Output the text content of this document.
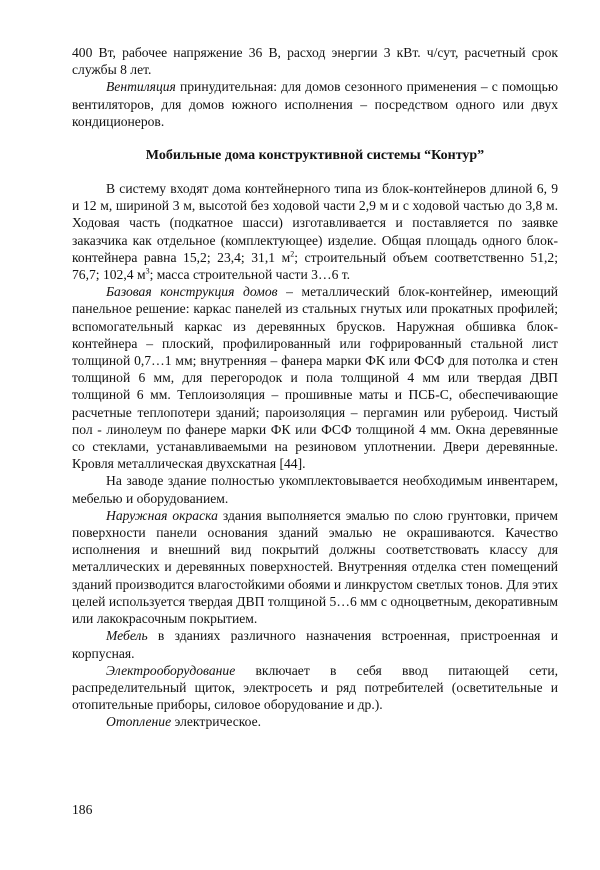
400 Вт, рабочее напряжение 36 В, расход энергии 3 кВт. ч/сут, расчетный срок службы 8 лет.

Вентиляция принудительная: для домов сезонного применения – с помощью вентиляторов, для домов южного исполнения – посредством одного или двух кондиционеров.

Мобильные дома конструктивной системы “Контур”

В систему входят дома контейнерного типа из блок-контейнеров длиной 6, 9 и 12 м, шириной 3 м, высотой без ходовой части 2,9 м и с ходовой частью до 3,8 м. Ходовая часть (подкатное шасси) изготавливается и поставляется по заявке заказчика как отдельное (комплектующее) изделие. Общая площадь одного блок-контейнера равна 15,2; 23,4; 31,1 $м^2$; строительный объем соответственно 51,2; 76,7; 102,4 $м^3$; масса строительной части 3…6 т.

Базовая конструкция домов – металлический блок-контейнер, имеющий панельное решение: каркас панелей из стальных гнутых или прокатных профилей; вспомогательный каркас из деревянных брусков. Наружная обшивка блок-контейнера – плоский, профилированный или гофрированный стальной лист толщиной 0,7…1 мм; внутренняя – фанера марки ФК или ФСФ для потолка и стен толщиной 6 мм, для перегородок и пола толщиной 4 мм или твердая ДВП толщиной 6 мм. Теплоизоляция – прошивные маты и ПСБ-С, обеспечивающие расчетные теплопотери зданий; пароизоляция – пергамин или рубероид. Чистый пол - линолеум по фанере марки ФК или ФСФ толщиной 4 мм. Окна деревянные со стеклами, устанавливаемыми на резиновом уплотнении. Двери деревянные. Кровля металлическая двухскатная [44].

На заводе здание полностью укомплектовывается необходимым инвентарем, мебелью и оборудованием.

Наружная окраска здания выполняется эмалью по слою грунтовки, причем поверхности панели основания зданий эмалью не окрашиваются. Качество исполнения и внешний вид покрытий должны соответствовать классу для металлических и деревянных поверхностей. Внутренняя отделка стен помещений зданий производится влагостойкими обоями и линкрустом светлых тонов. Для этих целей используется твердая ДВП толщиной 5…6 мм с одноцветным, декоративным или лакокрасочным покрытием.

Мебель в зданиях различного назначения встроенная, пристроенная и корпусная.

Электрооборудование включает в себя ввод питающей сети, распределительный щиток, электросеть и ряд потребителей (осветительные и отопительные приборы, силовое оборудование и др.).

Отопление электрическое.

186
